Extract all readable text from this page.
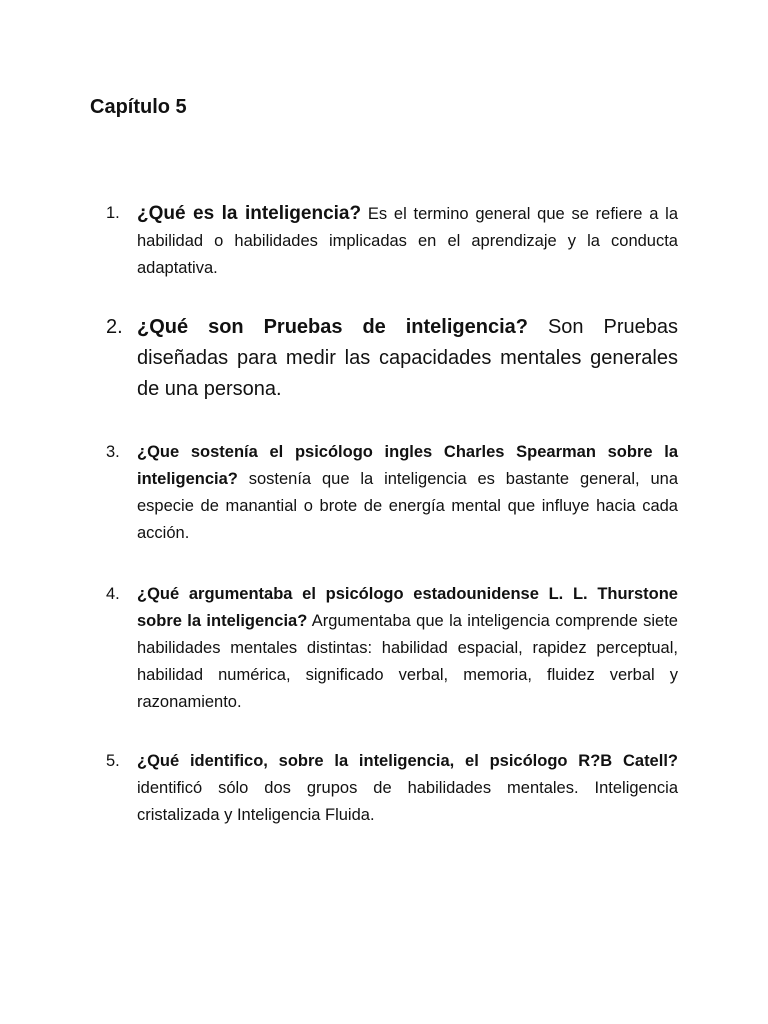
Capítulo 5
1. ¿Qué es la inteligencia? Es el termino general que se refiere a la habilidad o habilidades implicadas en el aprendizaje y la conducta adaptativa.
2. ¿Qué son Pruebas de inteligencia? Son Pruebas diseñadas para medir las capacidades mentales generales de una persona.
3. ¿Que sostenía el psicólogo ingles Charles Spearman sobre la inteligencia? sostenía que la inteligencia es bastante general, una especie de manantial o brote de energía mental que influye hacia cada acción.
4. ¿Qué argumentaba el psicólogo estadounidense L. L. Thurstone sobre la inteligencia? Argumentaba que la inteligencia comprende siete habilidades mentales distintas: habilidad espacial, rapidez perceptual, habilidad numérica, significado verbal, memoria, fluidez verbal y razonamiento.
5. ¿Qué identifico, sobre la inteligencia, el psicólogo R?B Catell? identificó sólo dos grupos de habilidades mentales. Inteligencia cristalizada y Inteligencia Fluida.
